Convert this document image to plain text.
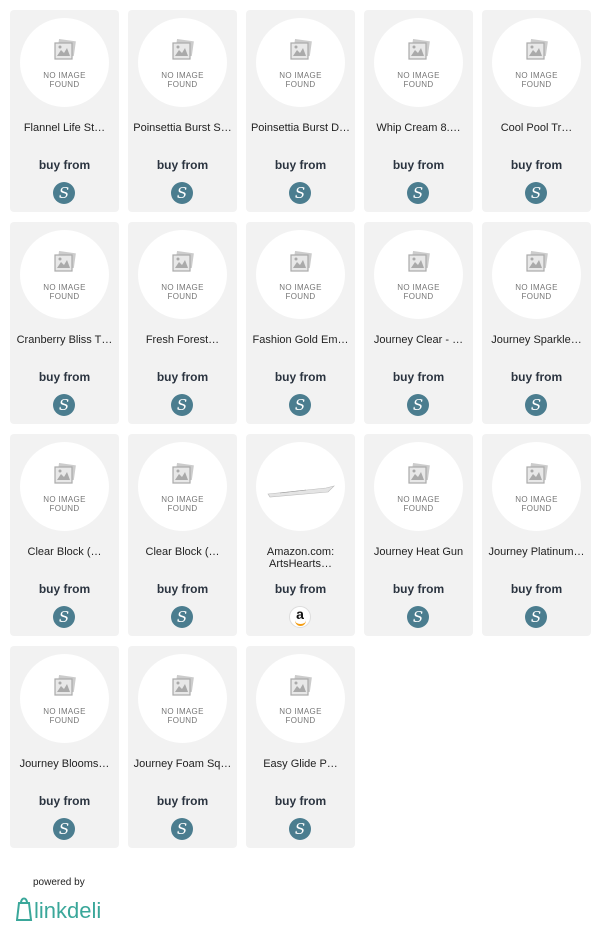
NO IMAGE
FOUND
Flannel Life St…
buy from
S
NO IMAGE
FOUND
Poinsettia Burst S…
buy from
S
NO IMAGE
FOUND
Poinsettia Burst D…
buy from
S
NO IMAGE
FOUND
Whip Cream 8.…
buy from
S
NO IMAGE
FOUND
Cool Pool Tr…
buy from
S
NO IMAGE
FOUND
Cranberry Bliss T…
buy from
S
NO IMAGE
FOUND
Fresh Forest…
buy from
S
NO IMAGE
FOUND
Fashion Gold Em…
buy from
S
NO IMAGE
FOUND
Journey Clear - …
buy from
S
NO IMAGE
FOUND
Journey Sparkle…
buy from
S
NO IMAGE
FOUND
Clear Block (…
buy from
S
NO IMAGE
FOUND
Clear Block (…
buy from
S
Amazon.com: ArtsHearts…
buy from
a
NO IMAGE
FOUND
Journey Heat Gun
buy from
S
NO IMAGE
FOUND
Journey Platinum…
buy from
S
NO IMAGE
FOUND
Journey Blooms…
buy from
S
NO IMAGE
FOUND
Journey Foam Sq…
buy from
S
NO IMAGE
FOUND
Easy Glide P…
buy from
S
powered by
linkdeli
